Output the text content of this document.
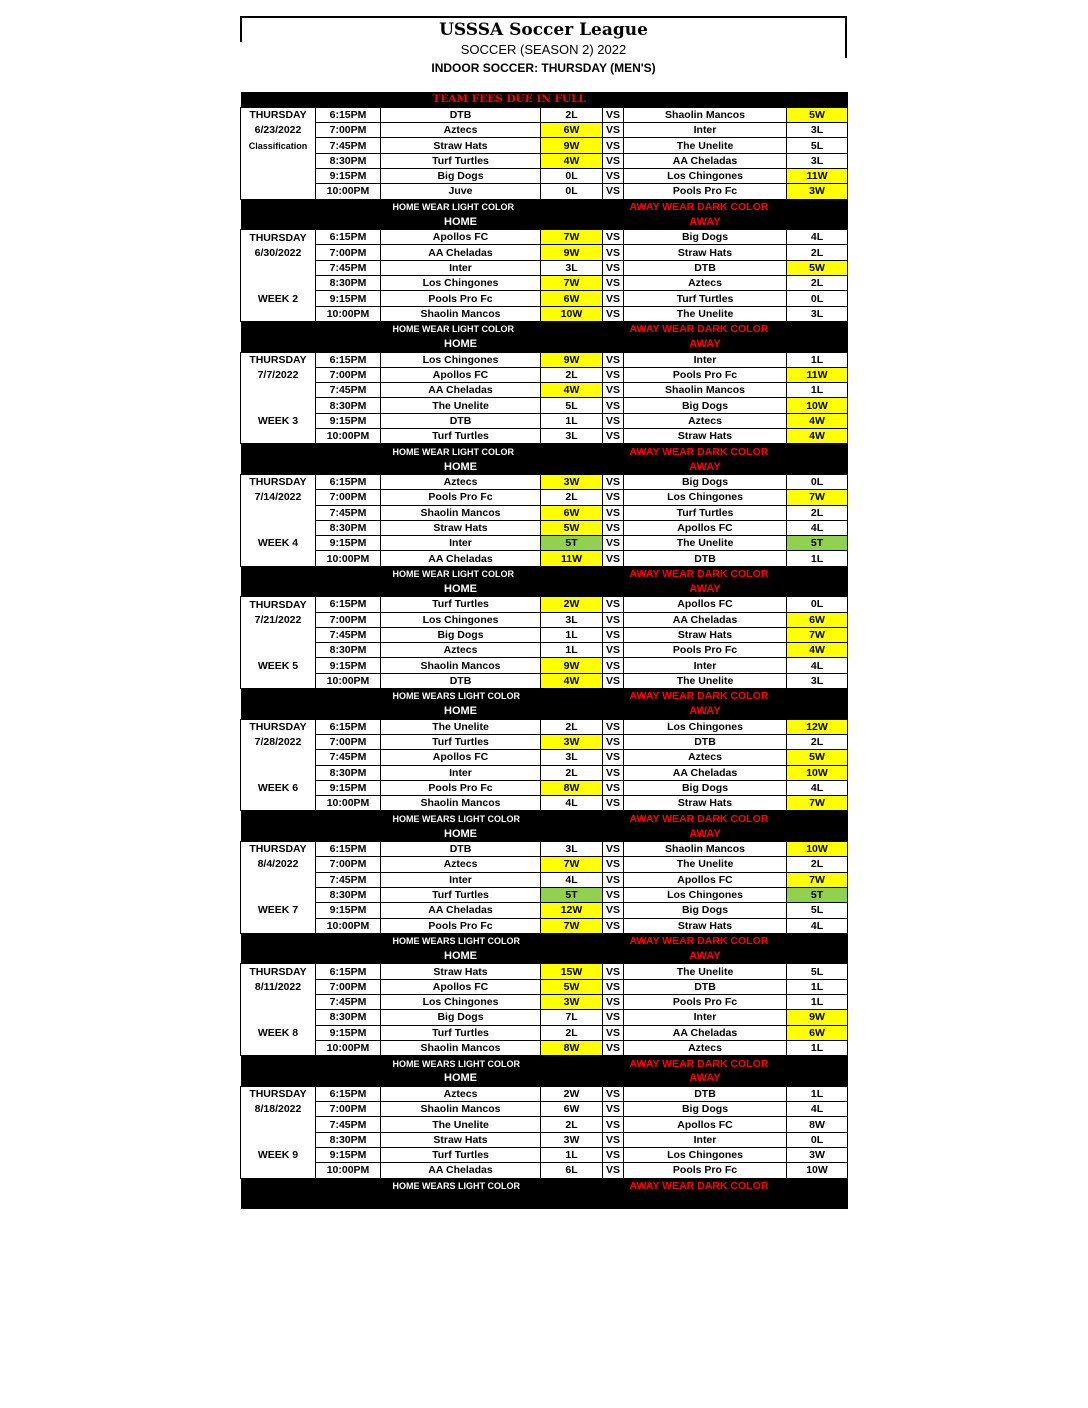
USSSA Soccer League
SOCCER (SEASON 2) 2022
INDOOR SOCCER: THURSDAY (MEN'S)
	TEAM FEES DUE IN FULL					
THURSDAY	6:15PM	DTB	2L	VS	Shaolin Mancos	5W
6/23/2022	7:00PM	Aztecs	6W	VS	Inter	3L
Classification	7:45PM	Straw Hats	9W	VS	The Unelite	5L
	8:30PM	Turf Turtles	4W	VS	AA Cheladas	3L
	9:15PM	Big Dogs	0L	VS	Los Chingones	11W
	10:00PM	Juve	0L	VS	Pools Pro Fc	3W
		HOME WEAR LIGHT COLOR			AWAY WEAR DARK COLOR	
		HOME			AWAY	
THURSDAY	6:15PM	Apollos FC	7W	VS	Big Dogs	4L
6/30/2022	7:00PM	AA Cheladas	9W	VS	Straw Hats	2L
	7:45PM	Inter	3L	VS	DTB	5W
	8:30PM	Los Chingones	7W	VS	Aztecs	2L
WEEK 2	9:15PM	Pools Pro Fc	6W	VS	Turf Turtles	0L
	10:00PM	Shaolin Mancos	10W	VS	The Unelite	3L
		HOME WEAR LIGHT COLOR			AWAY WEAR DARK COLOR	
		HOME			AWAY	
THURSDAY	6:15PM	Los Chingones	9W	VS	Inter	1L
7/7/2022	7:00PM	Apollos FC	2L	VS	Pools Pro Fc	11W
	7:45PM	AA Cheladas	4W	VS	Shaolin Mancos	1L
	8:30PM	The Unelite	5L	VS	Big Dogs	10W
WEEK 3	9:15PM	DTB	1L	VS	Aztecs	4W
	10:00PM	Turf Turtles	3L	VS	Straw Hats	4W
		HOME WEAR LIGHT COLOR			AWAY WEAR DARK COLOR	
		HOME			AWAY	
THURSDAY	6:15PM	Aztecs	3W	VS	Big Dogs	0L
7/14/2022	7:00PM	Pools Pro Fc	2L	VS	Los Chingones	7W
	7:45PM	Shaolin Mancos	6W	VS	Turf Turtles	2L
	8:30PM	Straw Hats	5W	VS	Apollos FC	4L
WEEK 4	9:15PM	Inter	5T	VS	The Unelite	5T
	10:00PM	AA Cheladas	11W	VS	DTB	1L
		HOME WEAR LIGHT COLOR			AWAY WEAR DARK COLOR	
		HOME			AWAY	
THURSDAY	6:15PM	Turf Turtles	2W	VS	Apollos FC	0L
7/21/2022	7:00PM	Los Chingones	3L	VS	AA Cheladas	6W
	7:45PM	Big Dogs	1L	VS	Straw Hats	7W
	8:30PM	Aztecs	1L	VS	Pools Pro Fc	4W
WEEK 5	9:15PM	Shaolin Mancos	9W	VS	Inter	4L
	10:00PM	DTB	4W	VS	The Unelite	3L
		HOME WEARS LIGHT COLOR			AWAY WEAR DARK COLOR	
		HOME			AWAY	
THURSDAY	6:15PM	The Unelite	2L	VS	Los Chingones	12W
7/28/2022	7:00PM	Turf Turtles	3W	VS	DTB	2L
	7:45PM	Apollos FC	3L	VS	Aztecs	5W
	8:30PM	Inter	2L	VS	AA Cheladas	10W
WEEK 6	9:15PM	Pools Pro Fc	8W	VS	Big Dogs	4L
	10:00PM	Shaolin Mancos	4L	VS	Straw Hats	7W
		HOME WEARS LIGHT COLOR			AWAY WEAR DARK COLOR	
		HOME			AWAY	
THURSDAY	6:15PM	DTB	3L	VS	Shaolin Mancos	10W
8/4/2022	7:00PM	Aztecs	7W	VS	The Unelite	2L
	7:45PM	Inter	4L	VS	Apollos FC	7W
	8:30PM	Turf Turtles	5T	VS	Los Chingones	5T
WEEK 7	9:15PM	AA Cheladas	12W	VS	Big Dogs	5L
	10:00PM	Pools Pro Fc	7W	VS	Straw Hats	4L
		HOME WEARS LIGHT COLOR			AWAY WEAR DARK COLOR	
		HOME			AWAY	
THURSDAY	6:15PM	Straw Hats	15W	VS	The Unelite	5L
8/11/2022	7:00PM	Apollos FC	5W	VS	DTB	1L
	7:45PM	Los Chingones	3W	VS	Pools Pro Fc	1L
	8:30PM	Big Dogs	7L	VS	Inter	9W
WEEK 8	9:15PM	Turf Turtles	2L	VS	AA Cheladas	6W
	10:00PM	Shaolin Mancos	8W	VS	Aztecs	1L
		HOME WEARS LIGHT COLOR			AWAY WEAR DARK COLOR	
		HOME			AWAY	
THURSDAY	6:15PM	Aztecs	2W	VS	DTB	1L
8/18/2022	7:00PM	Shaolin Mancos	6W	VS	Big Dogs	4L
	7:45PM	The Unelite	2L	VS	Apollos FC	8W
	8:30PM	Straw Hats	3W	VS	Inter	0L
WEEK 9	9:15PM	Turf Turtles	1L	VS	Los Chingones	3W
	10:00PM	AA Cheladas	6L	VS	Pools Pro Fc	10W
		HOME WEARS LIGHT COLOR			AWAY WEAR DARK COLOR	
